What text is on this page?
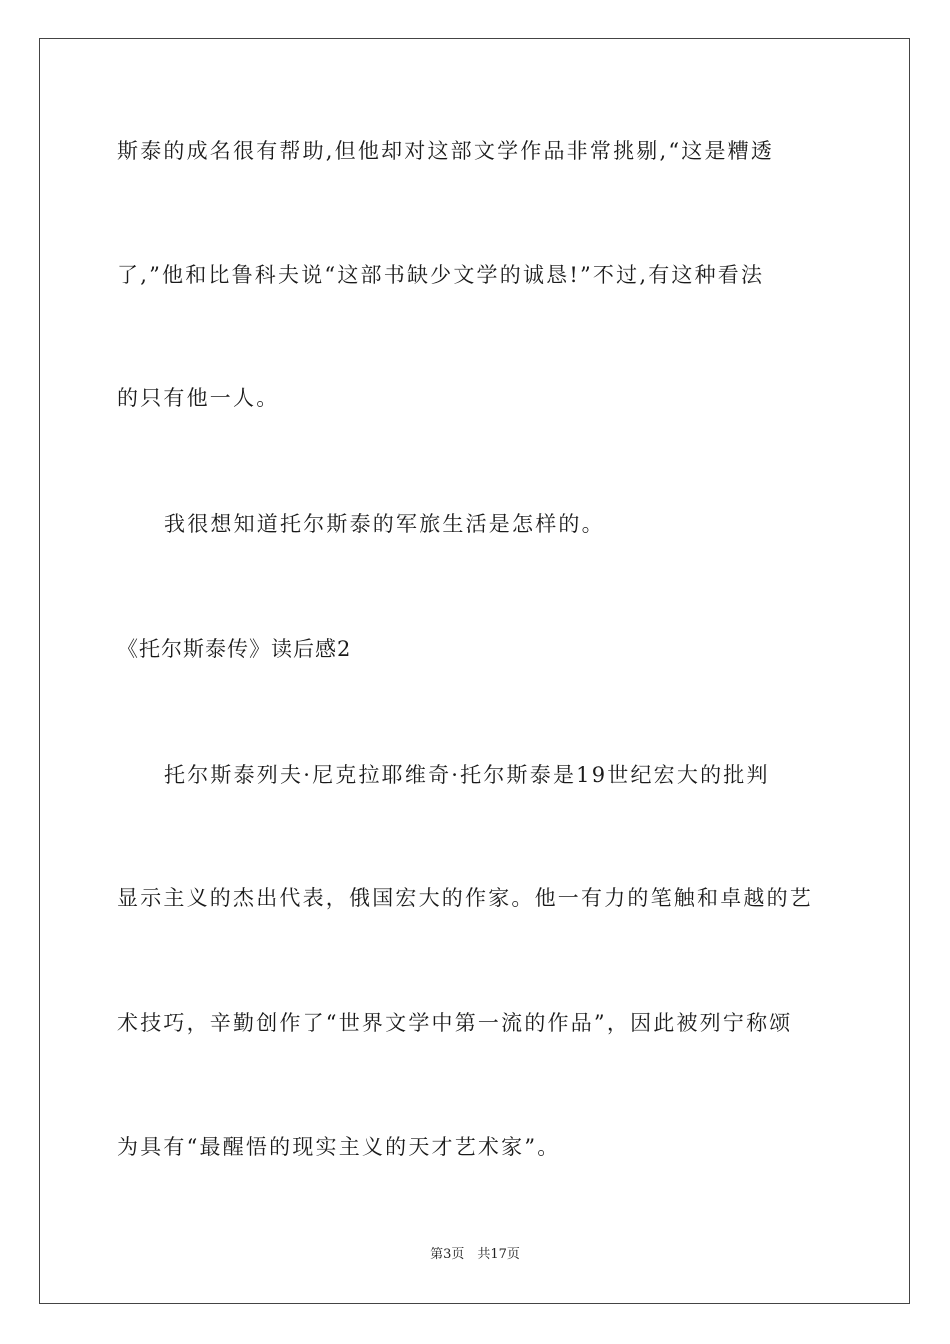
斯泰的成名很有帮助,但他却对这部文学作品非常挑剔,“这是糟透
了,”他和比鲁科夫说“这部书缺少文学的诚恳!”不过,有这种看法
的只有他一人。
我很想知道托尔斯泰的军旅生活是怎样的。
《托尔斯泰传》读后感2
托尔斯泰列夫·尼克拉耶维奇·托尔斯泰是19世纪宏大的批判
显示主义的杰出代表，俄国宏大的作家。他一有力的笔触和卓越的艺
术技巧，辛勤创作了“世界文学中第一流的作品”，因此被列宁称颂
为具有“最醒悟的现实主义的天才艺术家”。
第3页　共17页
